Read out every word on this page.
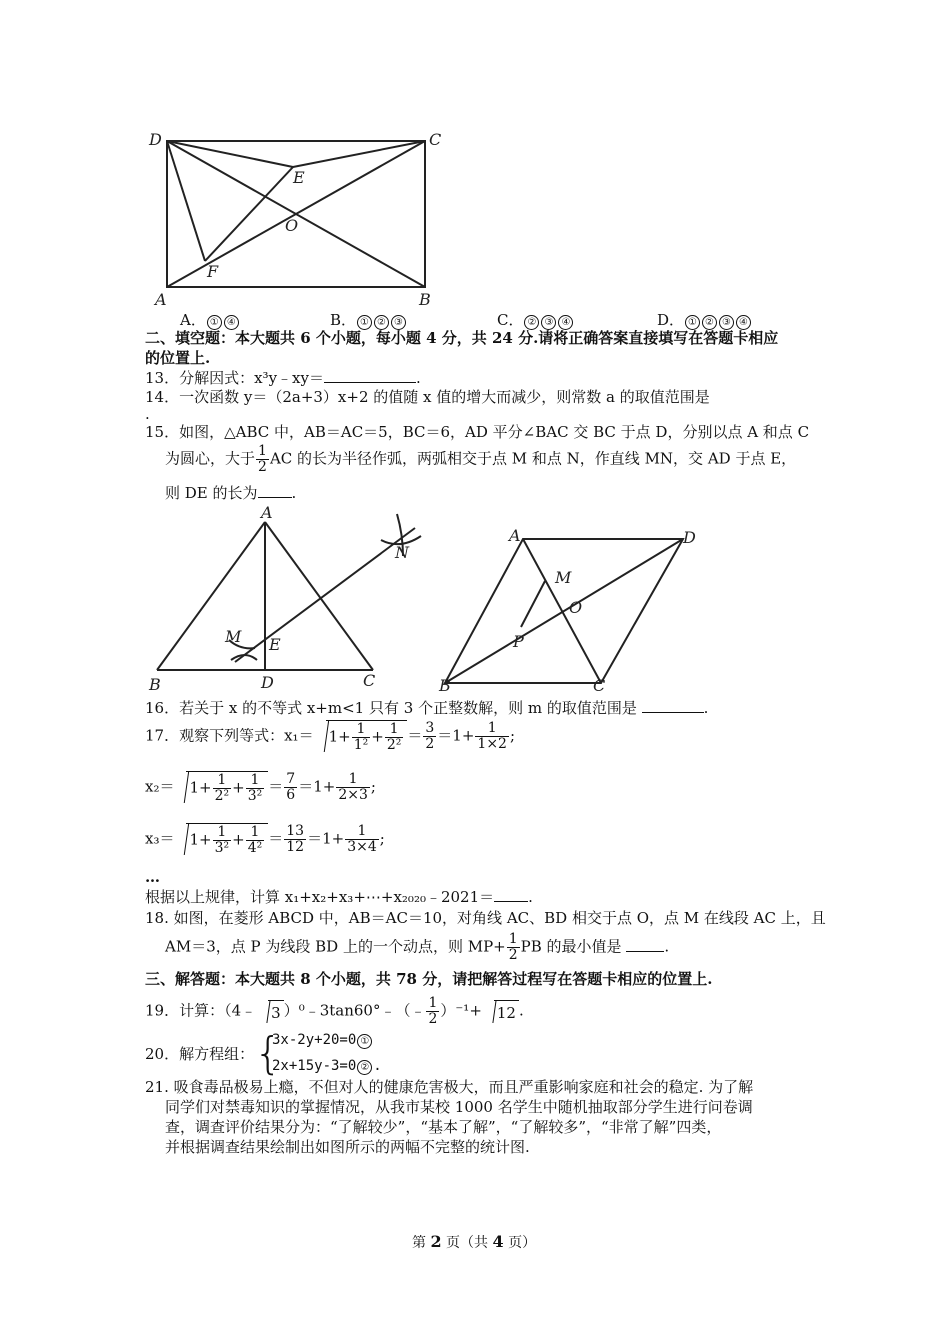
D	C
E
O
F
A	B
A． ① ④	B． ① ② ③	C． ② ③ ④	D． ① ② ③ ④
二、填空题：本大题共 6 个小题，每小题 4 分，共 24 分.请将正确答案直接填写在答题卡相应
的位置上.
13．分解因式：x³y﹣xy＝	.
14．一次函数 y＝（2a+3）x+2 的值随 x 值的增大而减少，则常数 a 的取值范围是
.
15．如图，△ABC 中，AB＝AC＝5，BC＝6，AD 平分∠BAC 交 BC 于点 D，分别以点 A 和点 C
为圆心，大于 $\frac{1}{2}$ AC 的长为半径作弧，两弧相交于点 M 和点 N，作直线 MN，交 AD 于点 E，
则 DE 的长为 .
A
N
M E
B	D	C
A	D
M
O
P
B	C
16．若关于 x 的不等式 x+m<1 只有 3 个正整数解，则 m 的取值范围是	.
17．观察下列等式：$x_1= 1+ \frac{1}{\text{1²}} + \frac{1}{\text{2²}} = \frac{3}{2} =1+ \frac{1}{1\times 2}$ ;
$x_2= 1+ \frac{1}{\text{2²}} + \frac{1}{\text{3²}} = \frac{7}{6} =1+ \frac{1}{2\times 3}$ ;
$x_3= 1+ \frac{1}{\text{3²}} + \frac{1}{\text{4²}} = \frac{13}{12} =1+ \frac{1}{3\times 4}$ ;
…
根据以上规律，计算 x₁+x₂+x₃+⋯+x₂₀₂₀﹣2021＝ .
18. 如图，在菱形 ABCD 中，AB＝AC＝10，对角线 AC、BD 相交于点 O，点 M 在线段 AC 上，且
AM＝3，点 P 为线段 BD 上的一个动点，则 $MP+ \frac{1}{2}$ PB 的最小值是	.
三、解答题：本大题共 8 个小题，共 78 分，请把解答过程写在答题卡相应的位置上.
19．计算：（4﹣ 3 ）⁰﹣3tan60°﹣（﹣ $\frac{1}{2} )^{-1}+ 12$ .
20．解方程组： {
3x-2y+20=0 ①
2x+15y-3=0 ② .
21. 吸食毒品极易上瘾，不但对人的健康危害极大，而且严重影响家庭和社会的稳定. 为了解
同学们对禁毒知识的掌握情况，从我市某校 1000 名学生中随机抽取部分学生进行问卷调
查，调查评价结果分为：“了解较少”，“基本了解”，“了解较多”，“非常了解”四类，
并根据调查结果绘制出如图所示的两幅不完整的统计图.
第 2 页（共 4 页）
